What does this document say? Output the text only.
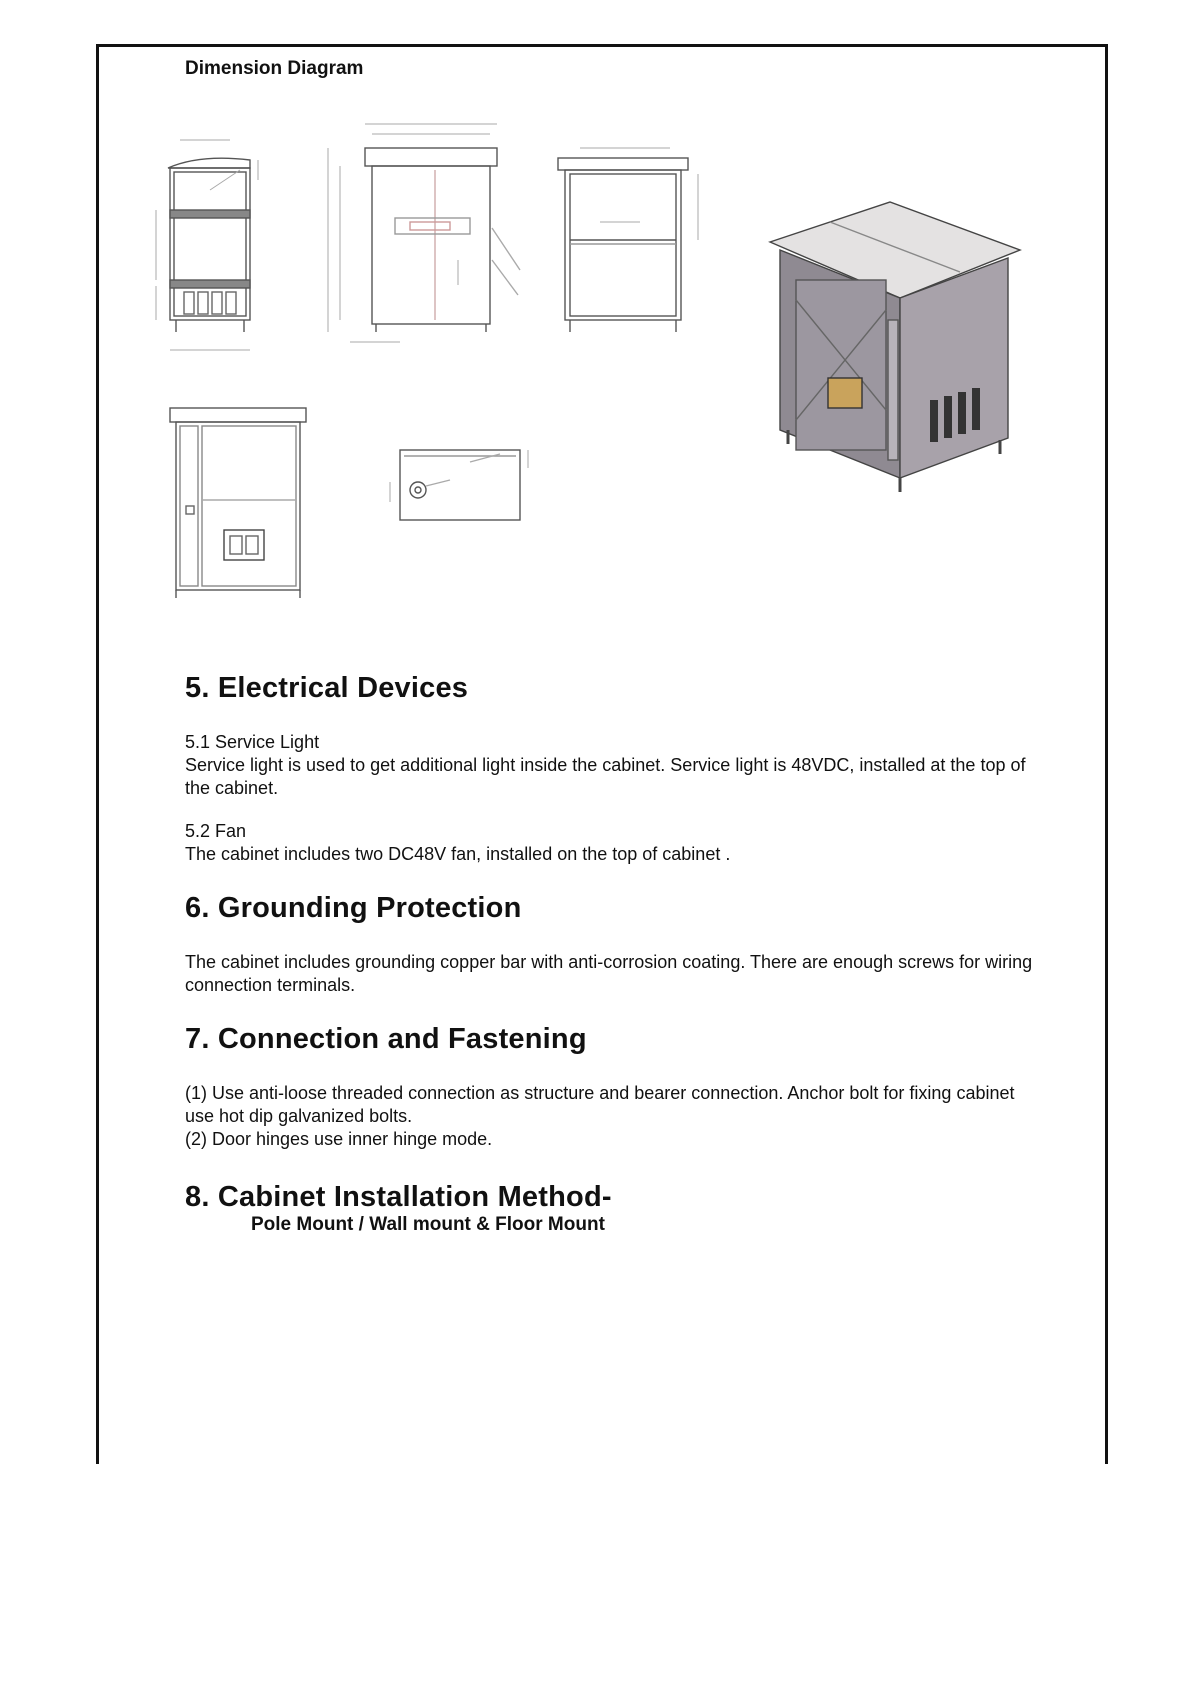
Dimension Diagram
5. Electrical Devices

5.1 Service Light

Service light is used to get additional light inside the cabinet. Service light is 48VDC, installed at the top of the cabinet.

5.2 Fan

The cabinet includes two DC48V fan, installed on the top of cabinet .

6. Grounding Protection

The cabinet includes grounding copper bar with anti-corrosion coating. There are enough screws for wiring connection terminals.

7. Connection and Fastening

(1) Use anti-loose threaded connection as structure and bearer connection. Anchor bolt for fixing cabinet use hot dip galvanized bolts.

(2) Door hinges use inner hinge mode.

8. Cabinet Installation Method-
Pole Mount / Wall mount & Floor Mount
